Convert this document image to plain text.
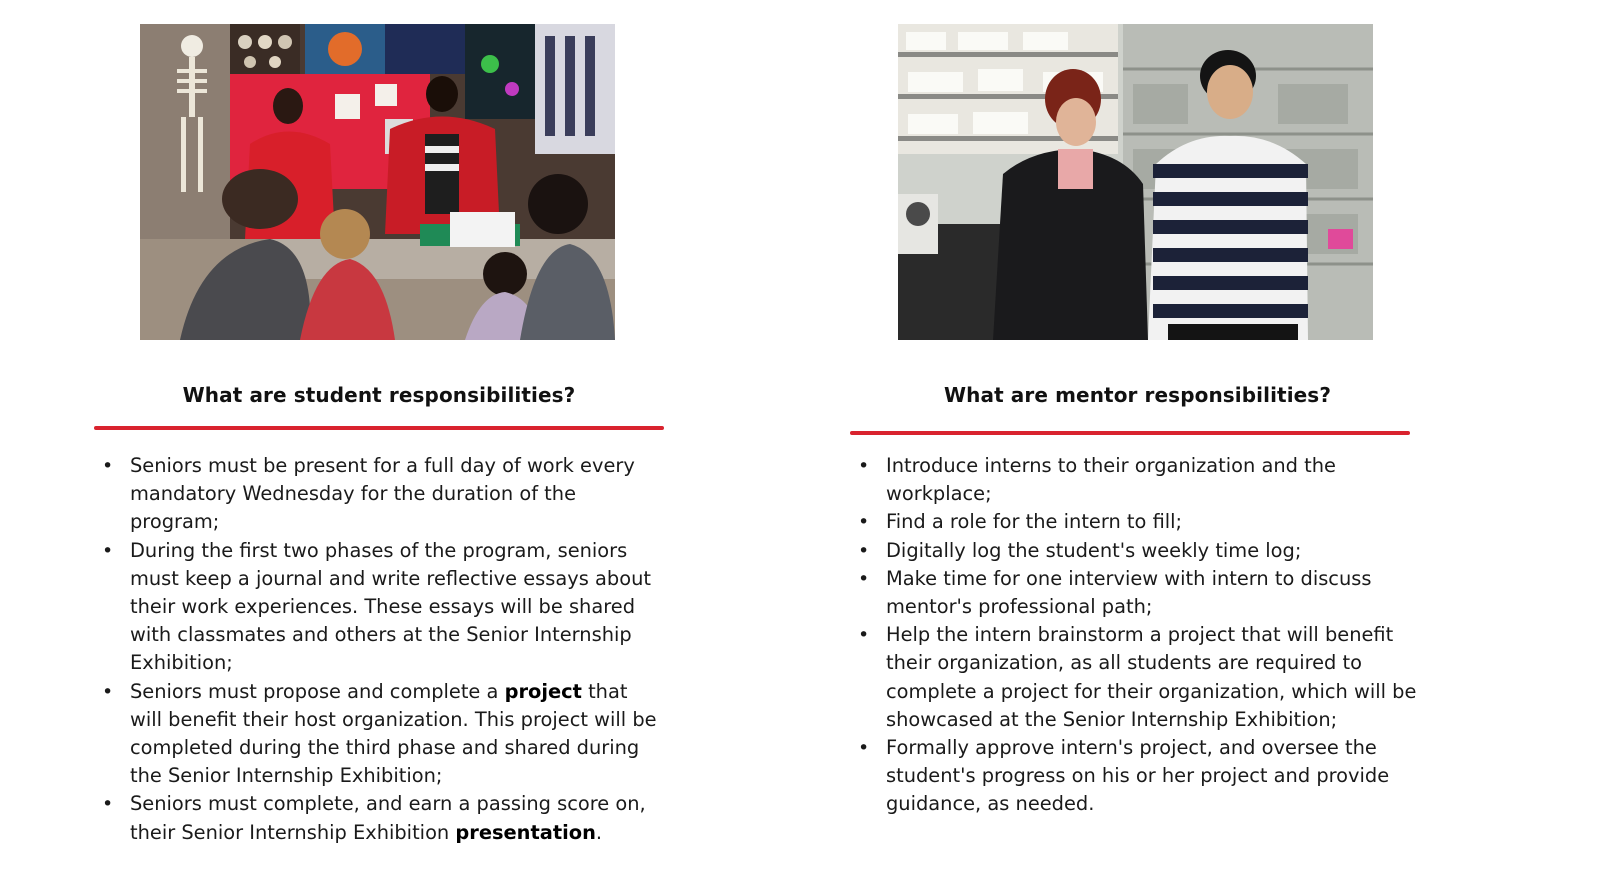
What are student responsibilities?
• Seniors must be present for a full day of work every mandatory Wednesday for the duration of the program;
• During the first two phases of the program, seniors must keep a journal and write reflective essays about their work experiences. These essays will be shared with classmates and others at the Senior Internship Exhibition;
• Seniors must propose and complete a project that will benefit their host organization. This project will be completed during the third phase and shared during the Senior Internship Exhibition;
• Seniors must complete, and earn a passing score on, their Senior Internship Exhibition presentation.
What are mentor responsibilities?
• Introduce interns to their organization and the workplace;
• Find a role for the intern to fill;
• Digitally log the student's weekly time log;
• Make time for one interview with intern to discuss mentor's professional path;
• Help the intern brainstorm a project that will benefit their organization, as all students are required to complete a project for their organization, which will be showcased at the Senior Internship Exhibition;
• Formally approve intern's project, and oversee the student's progress on his or her project and provide guidance, as needed.
